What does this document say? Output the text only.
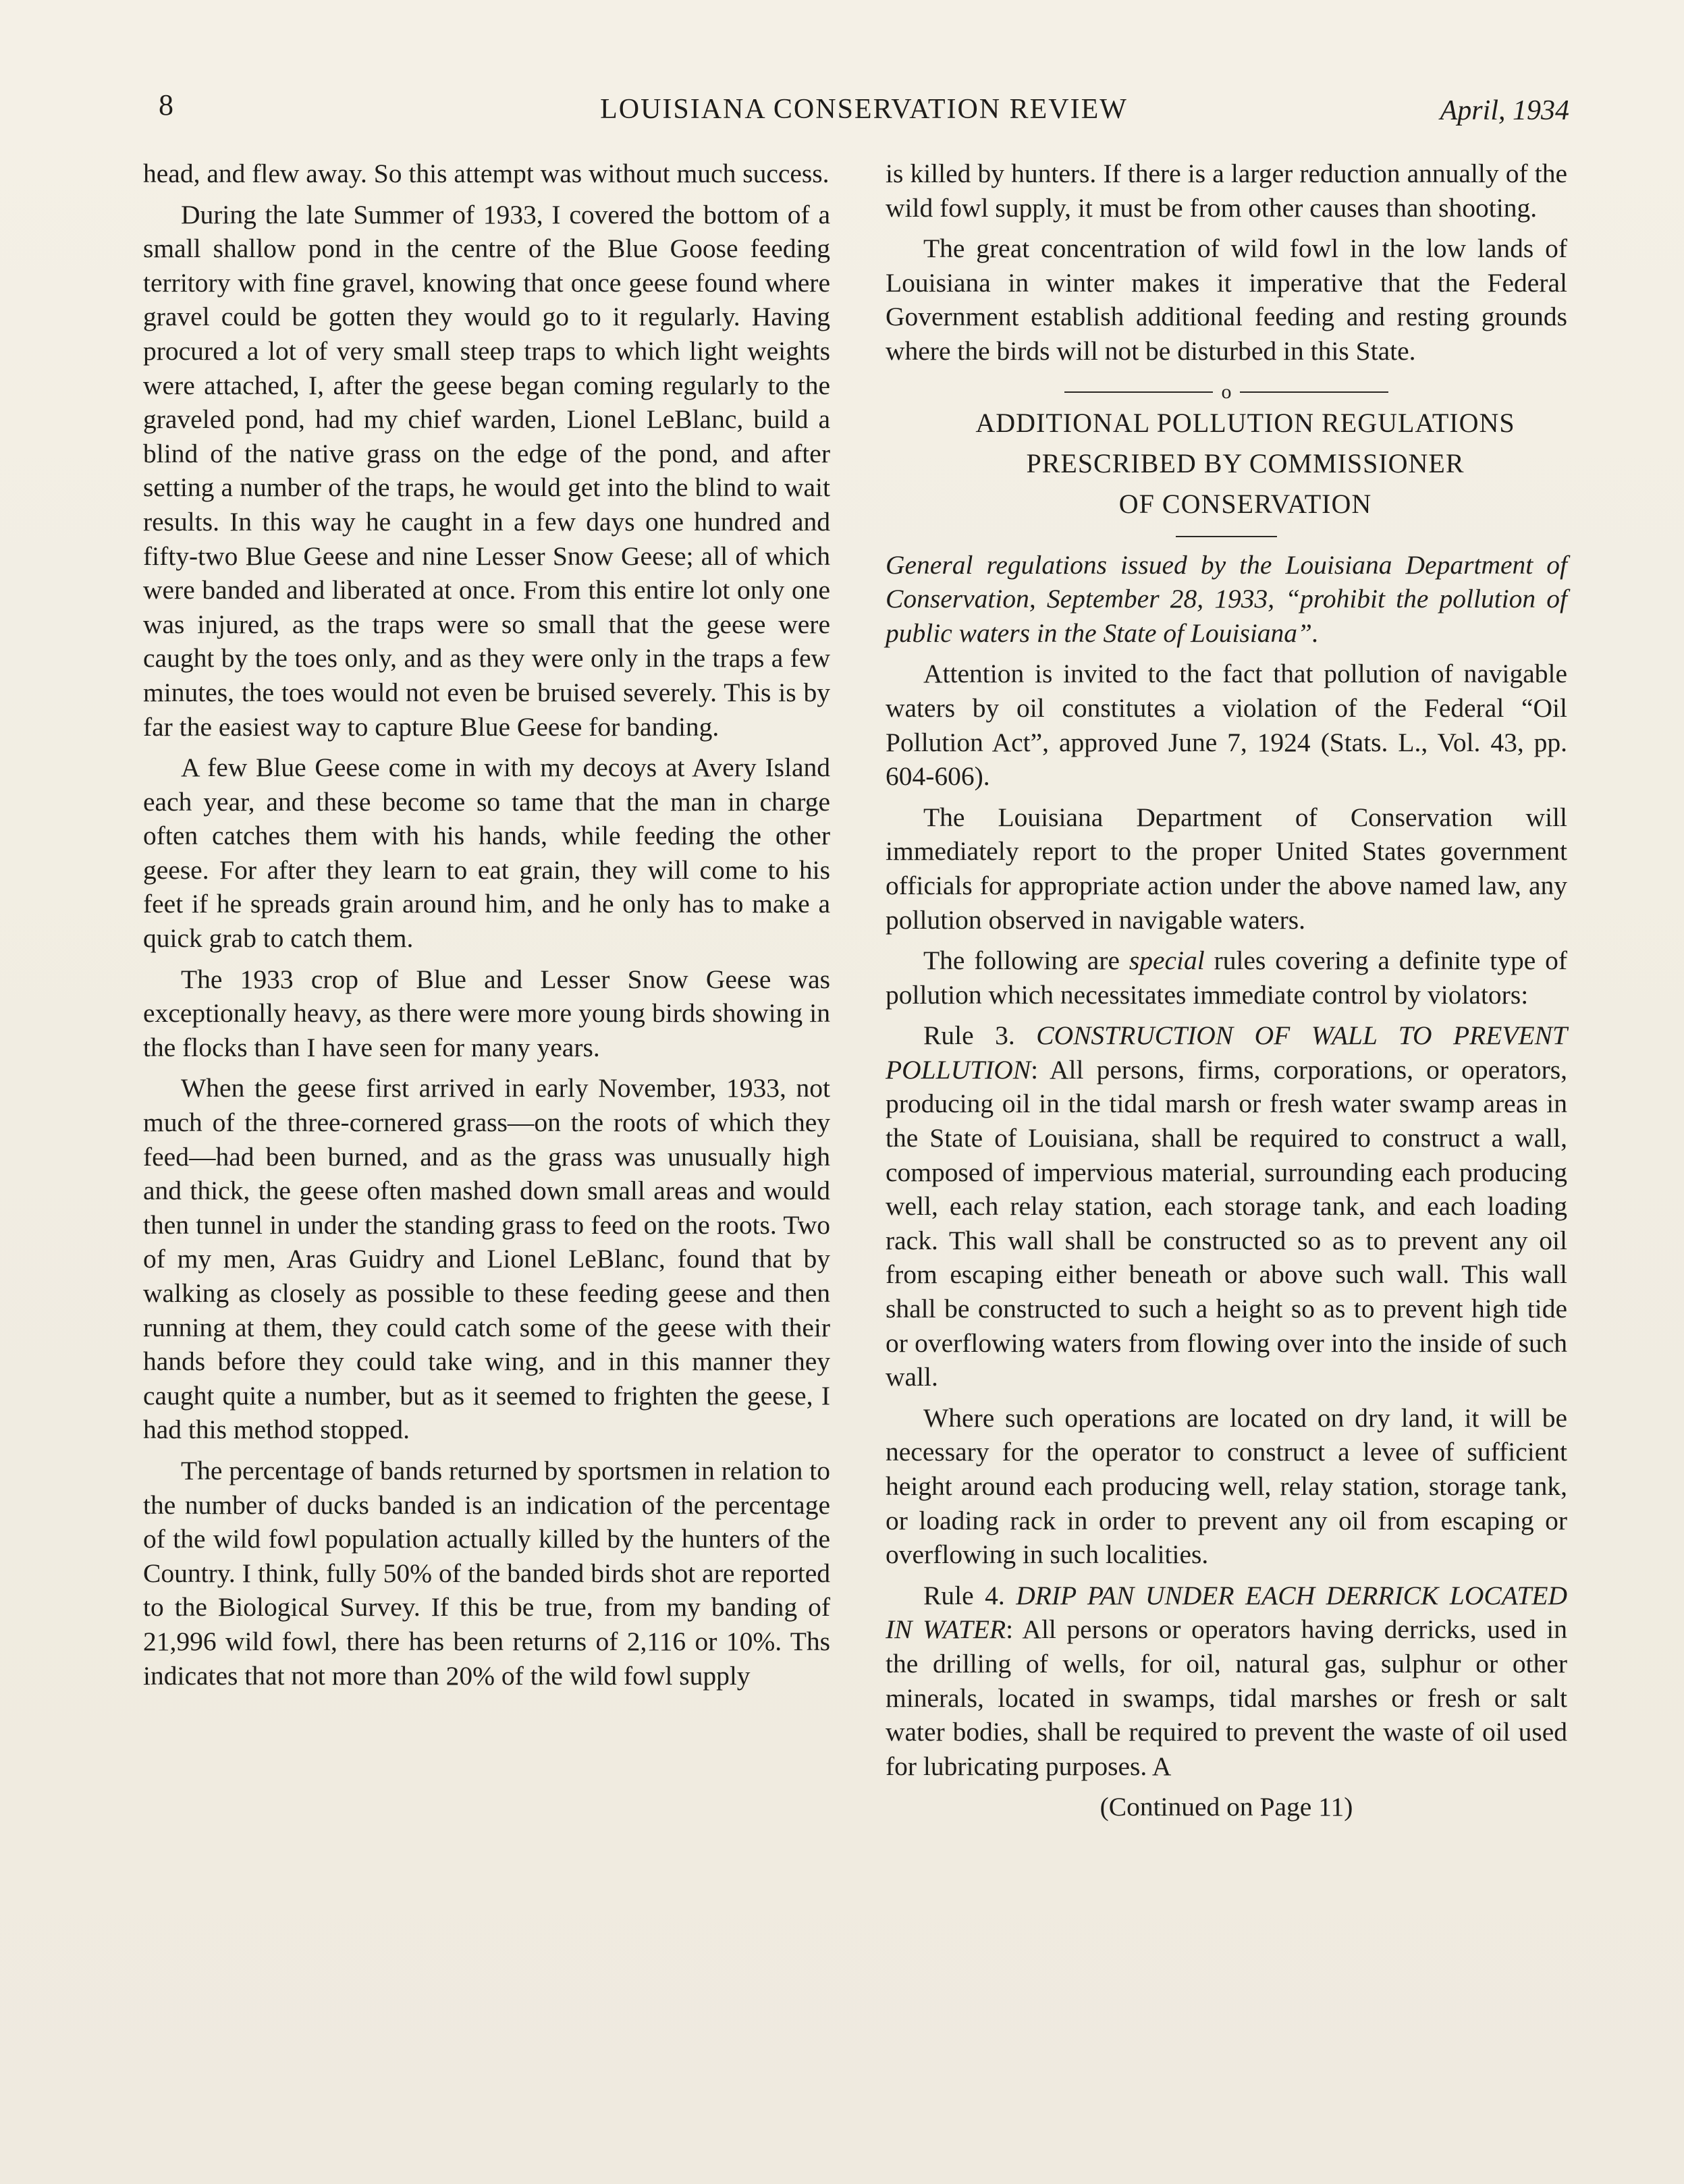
8	LOUISIANA CONSERVATION REVIEW	April, 1934

head, and flew away. So this attempt was without much success.

During the late Summer of 1933, I covered the bottom of a small shallow pond in the centre of the Blue Goose feeding territory with fine gravel, knowing that once geese found where gravel could be gotten they would go to it regularly. Having procured a lot of very small steep traps to which light weights were attached, I, after the geese began coming regularly to the graveled pond, had my chief warden, Lionel LeBlanc, build a blind of the native grass on the edge of the pond, and after setting a number of the traps, he would get into the blind to wait results. In this way he caught in a few days one hundred and fifty-two Blue Geese and nine Lesser Snow Geese; all of which were banded and liberated at once. From this entire lot only one was injured, as the traps were so small that the geese were caught by the toes only, and as they were only in the traps a few minutes, the toes would not even be bruised severely. This is by far the easiest way to capture Blue Geese for banding.

A few Blue Geese come in with my decoys at Avery Island each year, and these become so tame that the man in charge often catches them with his hands, while feeding the other geese. For after they learn to eat grain, they will come to his feet if he spreads grain around him, and he only has to make a quick grab to catch them.

The 1933 crop of Blue and Lesser Snow Geese was exceptionally heavy, as there were more young birds showing in the flocks than I have seen for many years.

When the geese first arrived in early November, 1933, not much of the three-cornered grass—on the roots of which they feed—had been burned, and as the grass was unusually high and thick, the geese often mashed down small areas and would then tunnel in under the standing grass to feed on the roots. Two of my men, Aras Guidry and Lionel LeBlanc, found that by walking as closely as possible to these feeding geese and then running at them, they could catch some of the geese with their hands before they could take wing, and in this manner they caught quite a number, but as it seemed to frighten the geese, I had this method stopped.

The percentage of bands returned by sportsmen in relation to the number of ducks banded is an indication of the percentage of the wild fowl population actually killed by the hunters of the Country. I think, fully 50% of the banded birds shot are reported to the Biological Survey. If this be true, from my banding of 21,996 wild fowl, there has been returns of 2,116 or 10%. Ths indicates that not more than 20% of the wild fowl supply

is killed by hunters. If there is a larger reduction annually of the wild fowl supply, it must be from other causes than shooting.

The great concentration of wild fowl in the low lands of Louisiana in winter makes it imperative that the Federal Government establish additional feeding and resting grounds where the birds will not be disturbed in this State.

o

ADDITIONAL POLLUTION REGULATIONS

PRESCRIBED BY COMMISSIONER

OF CONSERVATION

General regulations issued by the Louisiana Department of Conservation, September 28, 1933, “prohibit the pollution of public waters in the State of Louisiana”.

Attention is invited to the fact that pollution of navigable waters by oil constitutes a violation of the Federal “Oil Pollution Act”, approved June 7, 1924 (Stats. L., Vol. 43, pp. 604-606).

The Louisiana Department of Conservation will immediately report to the proper United States government officials for appropriate action under the above named law, any pollution observed in navigable waters.

The following are special rules covering a definite type of pollution which necessitates immediate control by violators:

Rule 3. CONSTRUCTION OF WALL TO PREVENT POLLUTION: All persons, firms, corporations, or operators, producing oil in the tidal marsh or fresh water swamp areas in the State of Louisiana, shall be required to construct a wall, composed of impervious material, surrounding each producing well, each relay station, each storage tank, and each loading rack. This wall shall be constructed so as to prevent any oil from escaping either beneath or above such wall. This wall shall be constructed to such a height so as to prevent high tide or overflowing waters from flowing over into the inside of such wall.

Where such operations are located on dry land, it will be necessary for the operator to construct a levee of sufficient height around each producing well, relay station, storage tank, or loading rack in order to prevent any oil from escaping or overflowing in such localities.

Rule 4. DRIP PAN UNDER EACH DERRICK LOCATED IN WATER: All persons or operators having derricks, used in the drilling of wells, for oil, natural gas, sulphur or other minerals, located in swamps, tidal marshes or fresh or salt water bodies, shall be required to prevent the waste of oil used for lubricating purposes. A

(Continued on Page 11)
